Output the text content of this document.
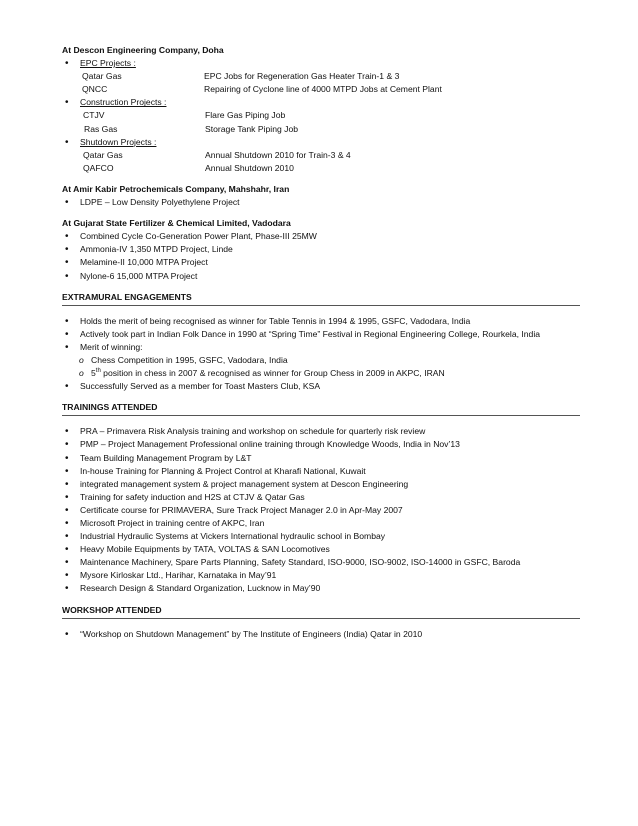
At Descon Engineering Company, Doha

• EPC Projects :
Qatar Gas	EPC Jobs for Regeneration Gas Heater Train-1 & 3
QNCC	Repairing of Cyclone line of 4000 MTPD Jobs at Cement Plant
• Construction Projects :
CTJV	Flare Gas Piping Job
Ras Gas	Storage Tank Piping Job
• Shutdown Projects :
Qatar Gas	Annual Shutdown 2010 for Train-3 & 4
QAFCO	Annual Shutdown 2010

At Amir Kabir Petrochemicals Company, Mahshahr, Iran

• LDPE – Low Density Polyethylene Project

At Gujarat State Fertilizer & Chemical Limited, Vadodara

• Combined Cycle Co-Generation Power Plant, Phase-III 25MW
• Ammonia-IV 1,350 MTPD Project, Linde
• Melamine-II 10,000 MTPA Project
• Nylone-6 15,000 MTPA Project

EXTRAMURAL ENGAGEMENTS

• Holds the merit of being recognised as winner for Table Tennis in 1994 & 1995, GSFC, Vadodara, India
• Actively took part in Indian Folk Dance in 1990 at “Spring Time” Festival in Regional Engineering College, Rourkela, India
• Merit of winning:
o Chess Competition in 1995, GSFC, Vadodara, India
o 5th position in chess in 2007 & recognised as winner for Group Chess in 2009 in AKPC, IRAN
• Successfully Served as a member for Toast Masters Club, KSA

TRAININGS ATTENDED

• PRA – Primavera Risk Analysis training and workshop on schedule for quarterly risk review
• PMP – Project Management Professional online training through Knowledge Woods, India in Nov’13
• Team Building Management Program by L&T
• In-house Training for Planning & Project Control at Kharafi National, Kuwait
• integrated management system & project management system at Descon Engineering
• Training for safety induction and H2S at CTJV & Qatar Gas
• Certificate course for PRIMAVERA, Sure Track Project Manager 2.0 in Apr-May 2007
• Microsoft Project in training centre of AKPC, Iran
• Industrial Hydraulic Systems at Vickers International hydraulic school in Bombay
• Heavy Mobile Equipments by TATA, VOLTAS & SAN Locomotives
• Maintenance Machinery, Spare Parts Planning, Safety Standard, ISO-9000, ISO-9002, ISO-14000 in GSFC, Baroda
• Mysore Kirloskar Ltd., Harihar, Karnataka in May’91
• Research Design & Standard Organization, Lucknow in May’90

WORKSHOP ATTENDED

• “Workshop on Shutdown Management” by The Institute of Engineers (India) Qatar in 2010
